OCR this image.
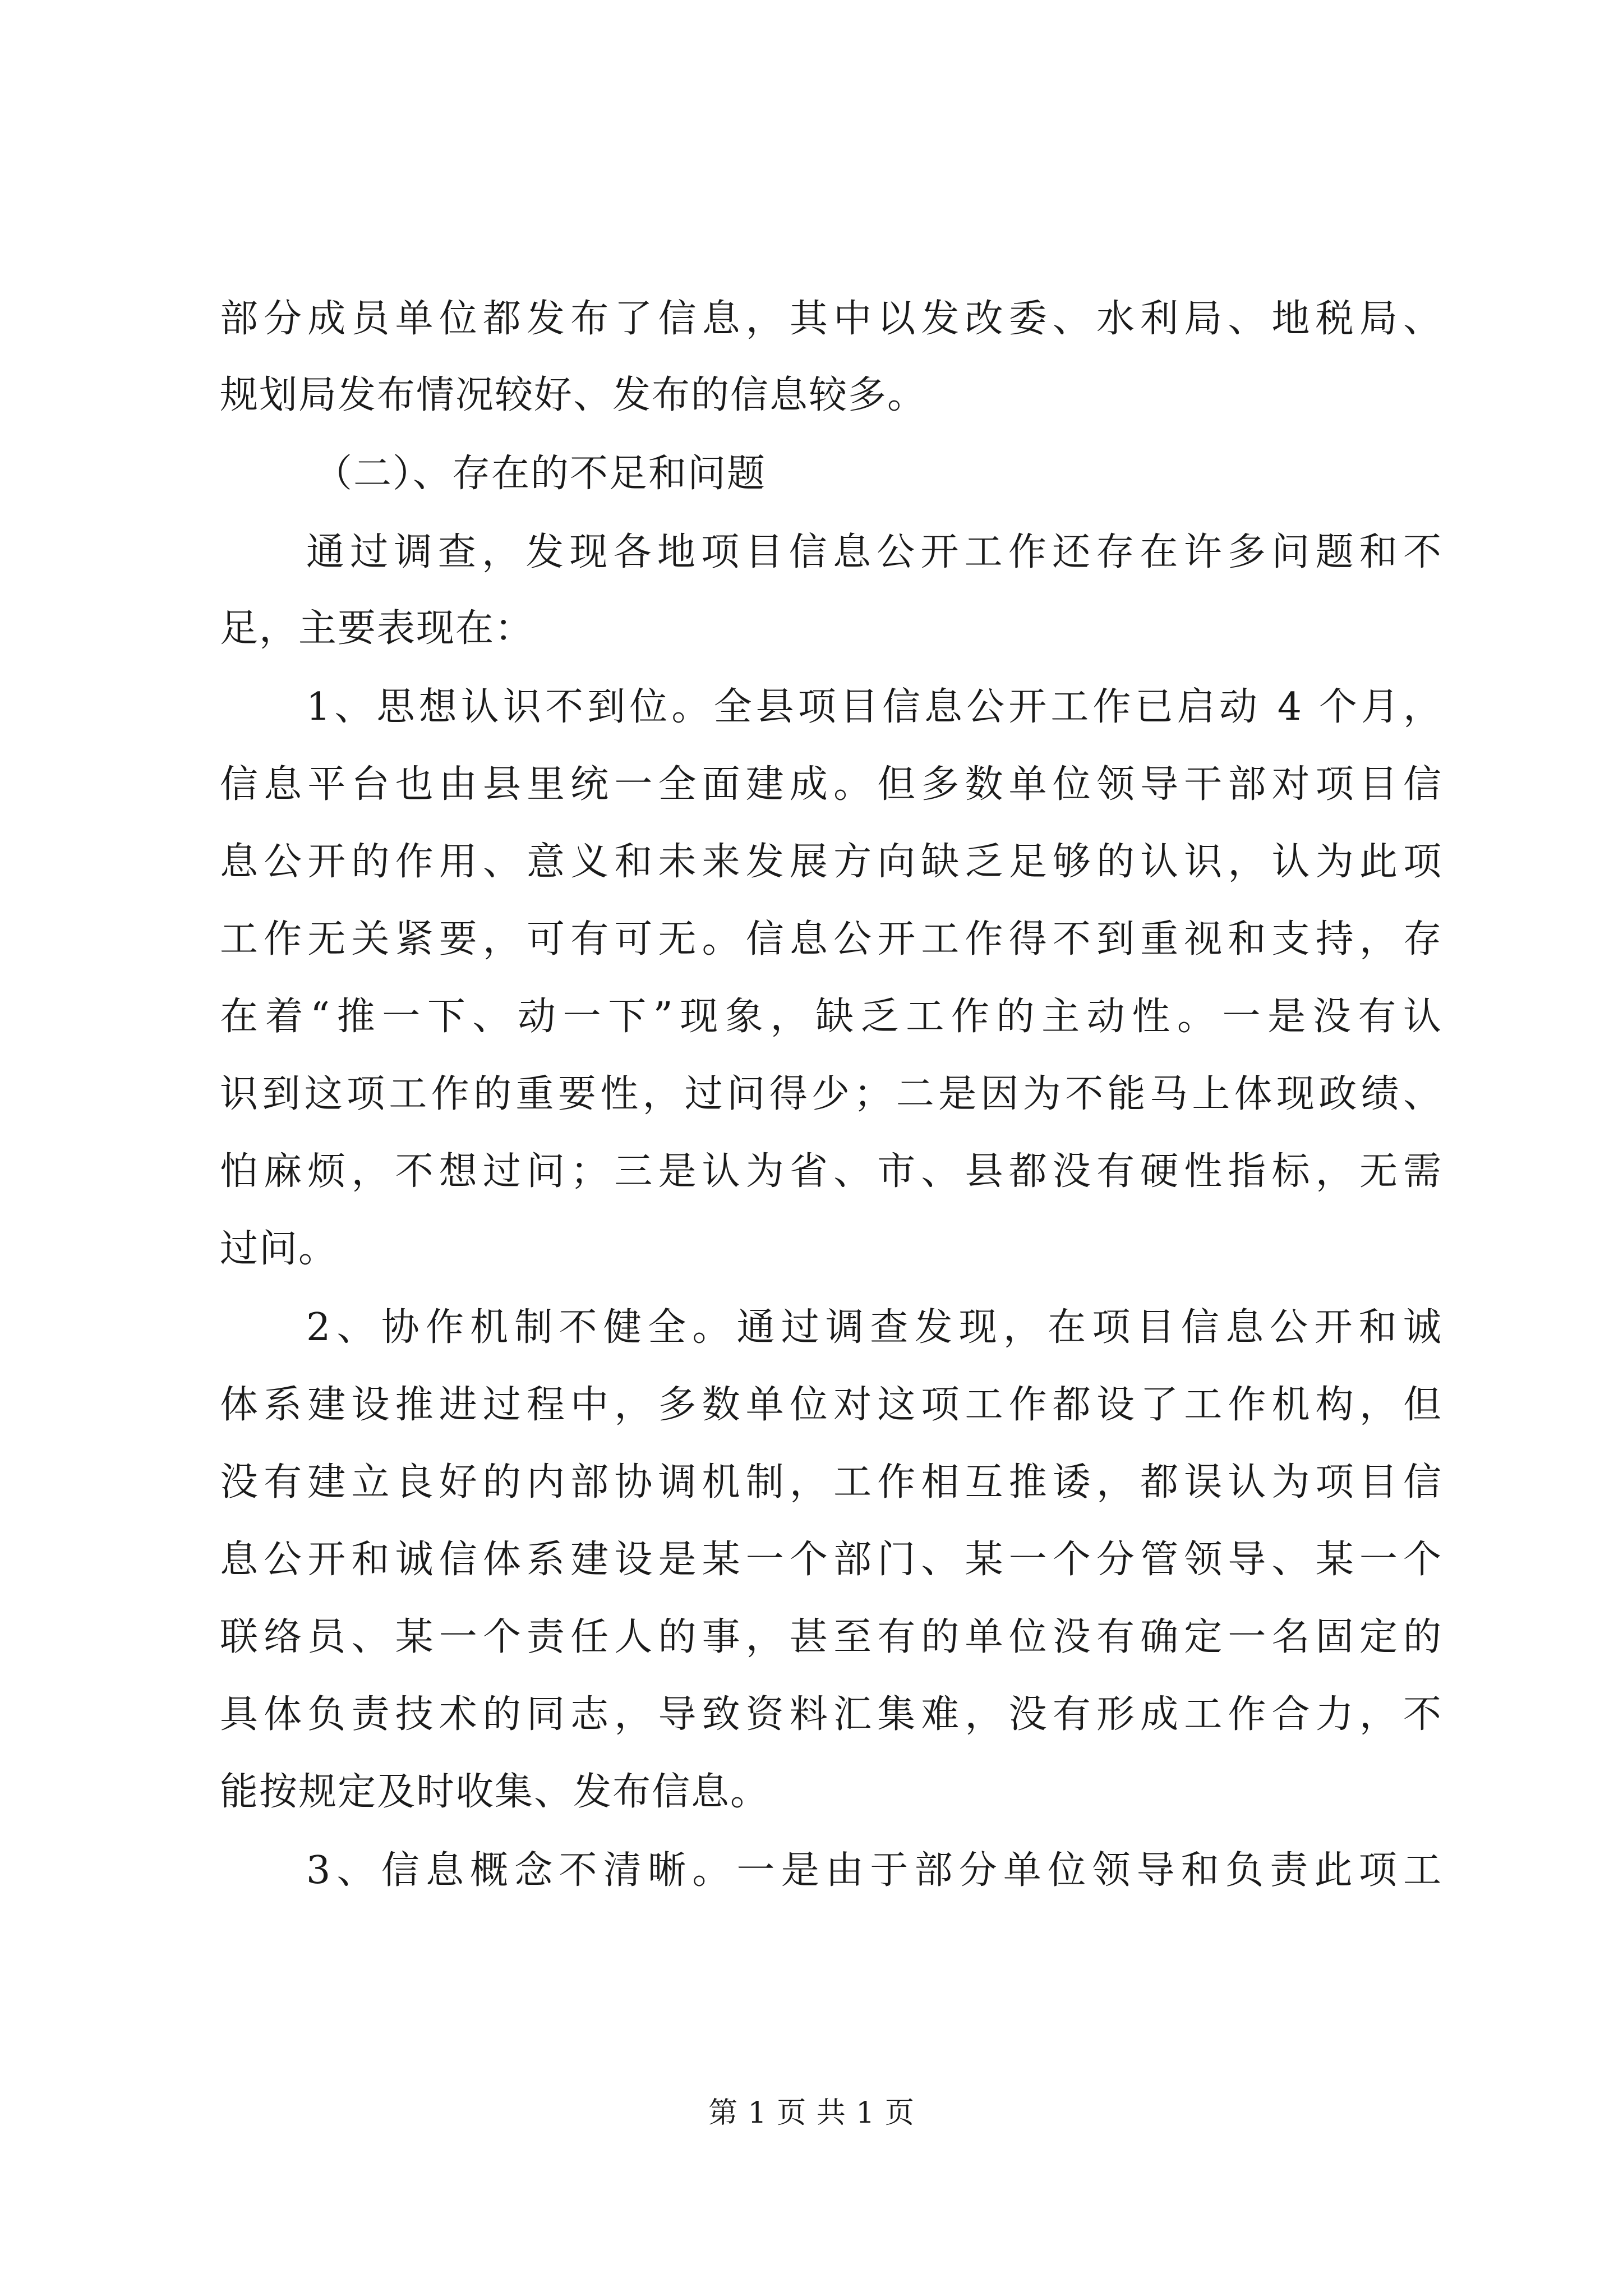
部分成员单位都发布了信息，其中以发改委、水利局、地税局、
规划局发布情况较好、发布的信息较多。
（二）、存在的不足和问题
通过调查，发现各地项目信息公开工作还存在许多问题和不
足，主要表现在：
1、思想认识不到位。全县项目信息公开工作已启动 4 个月，
信息平台也由县里统一全面建成。但多数单位领导干部对项目信
息公开的作用、意义和未来发展方向缺乏足够的认识，认为此项
工作无关紧要，可有可无。信息公开工作得不到重视和支持，存
在着“推一下、动一下”现象，缺乏工作的主动性。一是没有认
识到这项工作的重要性，过问得少；二是因为不能马上体现政绩、
怕麻烦，不想过问；三是认为省、市、县都没有硬性指标，无需
过问。
2、协作机制不健全。通过调查发现，在项目信息公开和诚
体系建设推进过程中，多数单位对这项工作都设了工作机构，但
没有建立良好的内部协调机制，工作相互推诿，都误认为项目信
息公开和诚信体系建设是某一个部门、某一个分管领导、某一个
联络员、某一个责任人的事，甚至有的单位没有确定一名固定的
具体负责技术的同志，导致资料汇集难，没有形成工作合力，不
能按规定及时收集、发布信息。
3、信息概念不清晰。一是由于部分单位领导和负责此项工
第 1 页 共 1 页
